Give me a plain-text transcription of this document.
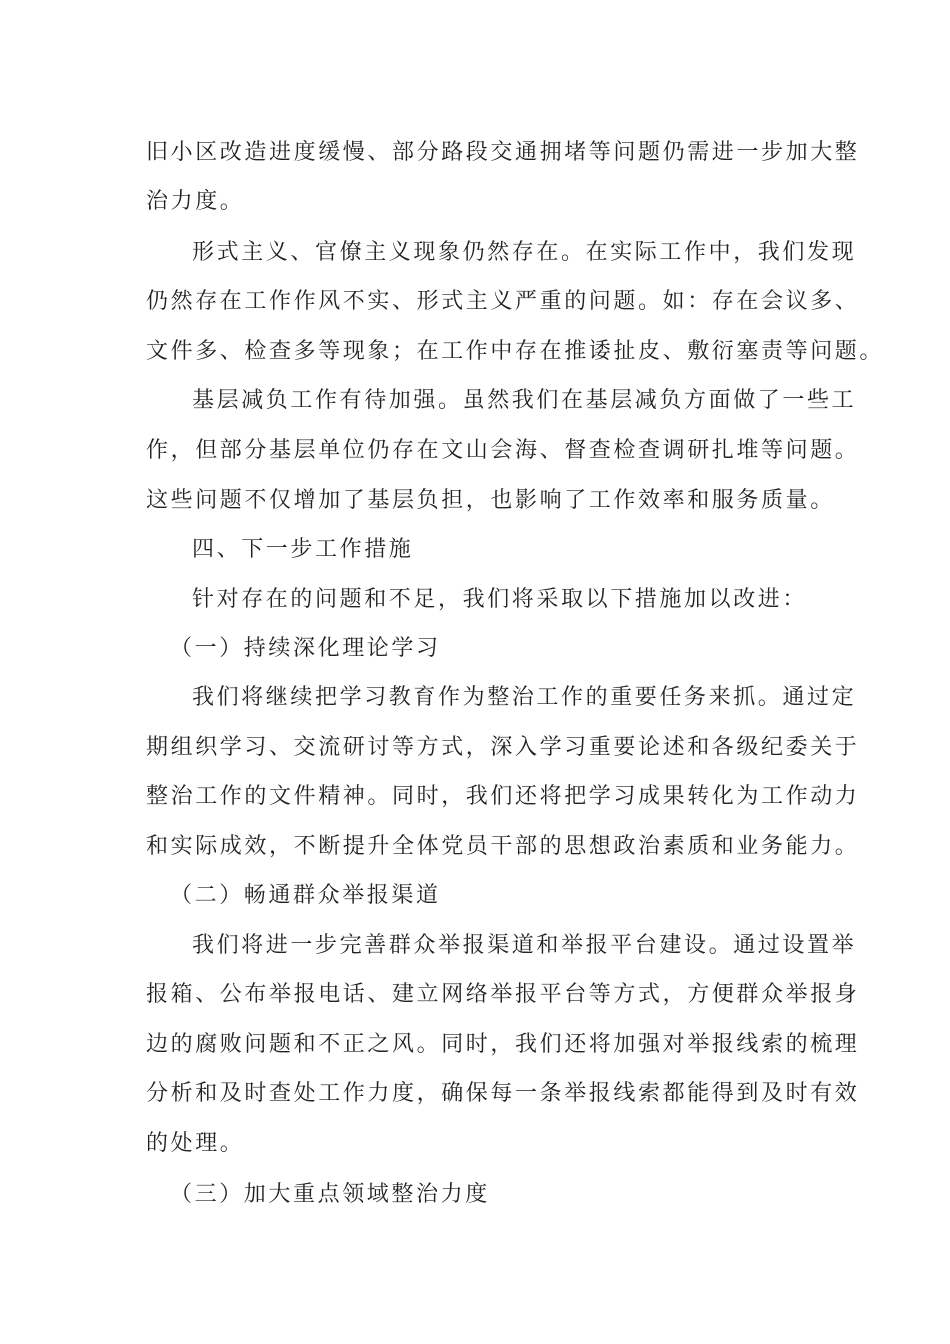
旧小区改造进度缓慢、部分路段交通拥堵等问题仍需进一步加大整
治力度。
形式主义、官僚主义现象仍然存在。在实际工作中，我们发现
仍然存在工作作风不实、形式主义严重的问题。如：存在会议多、
文件多、检查多等现象；在工作中存在推诿扯皮、敷衍塞责等问题。
基层减负工作有待加强。虽然我们在基层减负方面做了一些工
作，但部分基层单位仍存在文山会海、督查检查调研扎堆等问题。
这些问题不仅增加了基层负担，也影响了工作效率和服务质量。
四、下一步工作措施
针对存在的问题和不足，我们将采取以下措施加以改进：
（一）持续深化理论学习
我们将继续把学习教育作为整治工作的重要任务来抓。通过定
期组织学习、交流研讨等方式，深入学习重要论述和各级纪委关于
整治工作的文件精神。同时，我们还将把学习成果转化为工作动力
和实际成效，不断提升全体党员干部的思想政治素质和业务能力。
（二）畅通群众举报渠道
我们将进一步完善群众举报渠道和举报平台建设。通过设置举
报箱、公布举报电话、建立网络举报平台等方式，方便群众举报身
边的腐败问题和不正之风。同时，我们还将加强对举报线索的梳理
分析和及时查处工作力度，确保每一条举报线索都能得到及时有效
的处理。
（三）加大重点领域整治力度
